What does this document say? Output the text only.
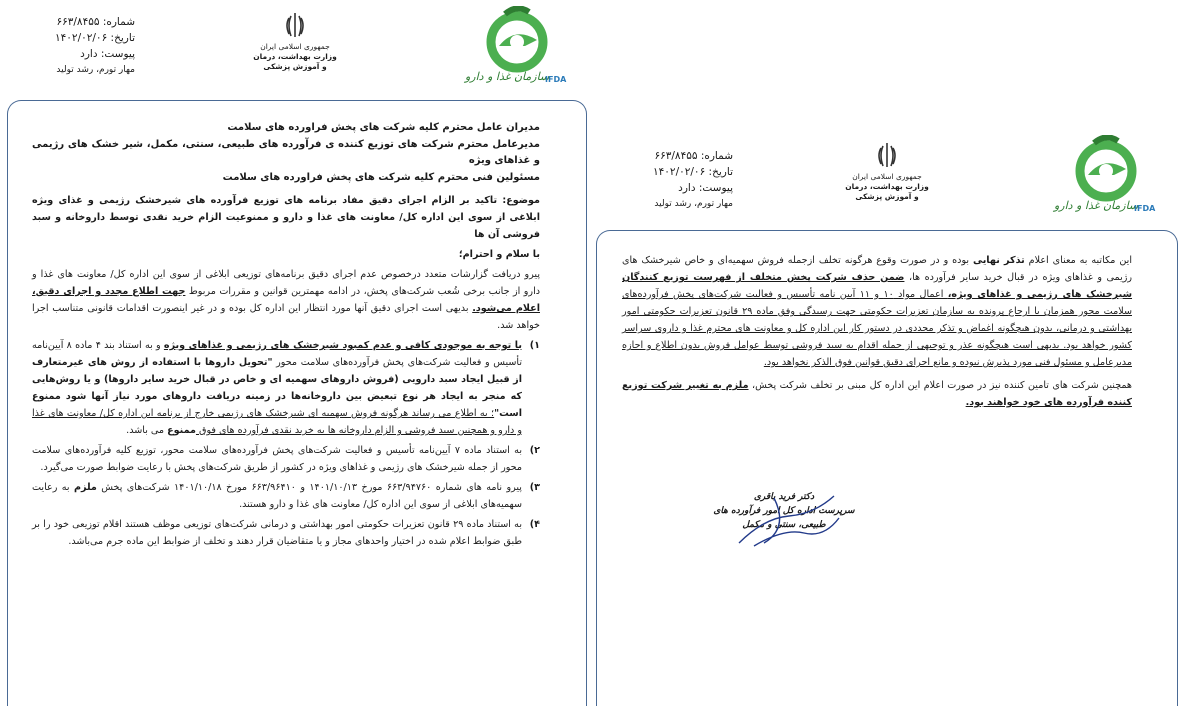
شماره: ۶۶۳/۸۴۵۵
تاریخ: ۱۴۰۲/۰۲/۰۶
پیوست: دارد
مهار تورم، رشد تولید
جمهوری اسلامی ایران
وزارت بهداشت، درمان
و آموزش پزشکی
سازمان غذا و دارو
IFDA

مدیران عامل محترم کلیه شرکت های پخش فراورده های سلامت

مدیرعامل محترم شرکت های توزیع کننده ی فرآورده های طبیعی، سنتی، مکمل، شیر خشک های رژیمی و غذاهای ویژه

مسئولین فنی محترم کلیه شرکت های پخش فراورده های سلامت

موضوع: تاکید بر الزام اجرای دقیق مفاد برنامه های توزیع فرآورده های شیرخشک رژیمی و غذای ویژه ابلاغی از سوی این اداره کل/ معاونت های غذا و دارو و ممنوعیت الزام خرید نقدی توسط داروخانه و سبد فروشی آن ها

با سلام و احترام؛

پیرو دریافت گزارشات متعدد درخصوص عدم اجرای دقیق برنامه‌های توزیعی ابلاغی از سوی این اداره کل/ معاونت های غذا و دارو از جانب برخی شُعب شرکت‌های پخش، در ادامه مهمترین قوانین و مقررات مربوط جهت اطلاع مجدد و اجرای دقیق، اعلام می‌شود. بدیهی است اجرای دقیق آنها مورد انتظار این اداره کل بوده و در غیر اینصورت اقدامات قانونی متناسب اجرا خواهد شد.

۱)
با توجه به موجودی کافی و عدم کمبود شیرخشک های رژیمی و غذاهای ویژه و به استناد بند ۴ ماده ۸ آیین‌نامه تأسیس و فعالیت شرکت‌های پخش فرآورده‌های سلامت محور "تحویل داروها با استفاده از روش های غیرمتعارف از قبیل ایجاد سبد دارویی (فروش داروهای سهمیه ای و خاص در قبال خرید سایر داروها) و یا روش‌هایی که منجر به ایجاد هر نوع تبعیض بین داروخانه‌ها در زمینه دریافت داروهای مورد نیاز آنها شود ممنوع است"؛ به اطلاع می رساند هرگونه فروش سهمیه ای شیرخشک های رژیمی خارج از برنامه این اداره کل/ معاونت های غذا و دارو و همچنین سبد فروشی و الزام داروخانه ها به خرید نقدی فرآورده های فوق ممنوع می باشد.

۲)
به استناد ماده ۷ آیین‌نامه تأسیس و فعالیت شرکت‌های پخش فرآورده‌های سلامت محور، توزیع کلیه فرآورده‌های سلامت محور از جمله شیرخشک های رژیمی و غذاهای ویژه در کشور از طریق شرکت‌های پخش با رعایت ضوابط صورت می‌گیرد.

۳)
پیرو نامه های شماره ۶۶۳/۹۴۷۶۰ مورخ ۱۴۰۱/۱۰/۱۳ و ۶۶۳/۹۶۴۱۰ مورخ ۱۴۰۱/۱۰/۱۸ شرکت‌های پخش ملزم به رعایت سهمیه‌های ابلاغی از سوی این اداره کل/ معاونت های غذا و دارو هستند.

۴)
به استناد ماده ۲۹ قانون تعزیرات حکومتی امور بهداشتی و درمانی شرکت‌های توزیعی موظف هستند اقلام توزیعی خود را بر طبق ضوابط اعلام شده در اختیار واحدهای مجاز و یا متقاضیان قرار دهند و تخلف از ضوابط این ماده جرم می‌باشد.

شماره: ۶۶۳/۸۴۵۵
تاریخ: ۱۴۰۲/۰۲/۰۶
پیوست: دارد
مهار تورم، رشد تولید
جمهوری اسلامی ایران
وزارت بهداشت، درمان
و آموزش پزشکی
سازمان غذا و دارو
IFDA

این مکاتبه به معنای اعلام تذکر نهایی بوده و در صورت وقوع هرگونه تخلف ازجمله فروش سهمیه‌ای و خاص شیرخشک های رژیمی و غذاهای ویژه در قبال خرید سایر فرآورده ها، ضمن حذف شرکت پخش متخلف از فهرست توزیع کنندگان شیرخشک های رژیمی و غذاهای ویژه، اعمال مواد ۱۰ و ۱۱ آیین نامه تأسیس و فعالیت شرکت‌های پخش فرآورده‌های سلامت محور همزمان با ارجاع پرونده به سازمان تعزیرات حکومتی جهت رسیدگی وفق ماده ۲۹ قانون تعزیرات حکومتی امور بهداشتی و درمانی، بدون هیچگونه اغماض و تذکر مجددی در دستور کار این اداره کل و معاونت های محترم غذا و داروی سراسر کشور خواهد بود. بدیهی است هیچگونه عذر و توجیهی از جمله اقدام به سبد فروشی توسط عوامل فروش بدون اطلاع و اجازه مدیرعامل و مسئول فنی مورد پذیرش نبوده و مانع اجرای دقیق قوانین فوق الذکر نخواهد بود.

همچنین شرکت های تامین کننده نیز در صورت اعلام این اداره کل مبنی بر تخلف شرکت پخش، ملزم به تغییر شرکت توزیع کننده فرآورده های خود خواهند بود.

دکتر فرید باقری
سرپرست اداره کل امور فرآورده های
طبیعی، سنتی و مکمل
